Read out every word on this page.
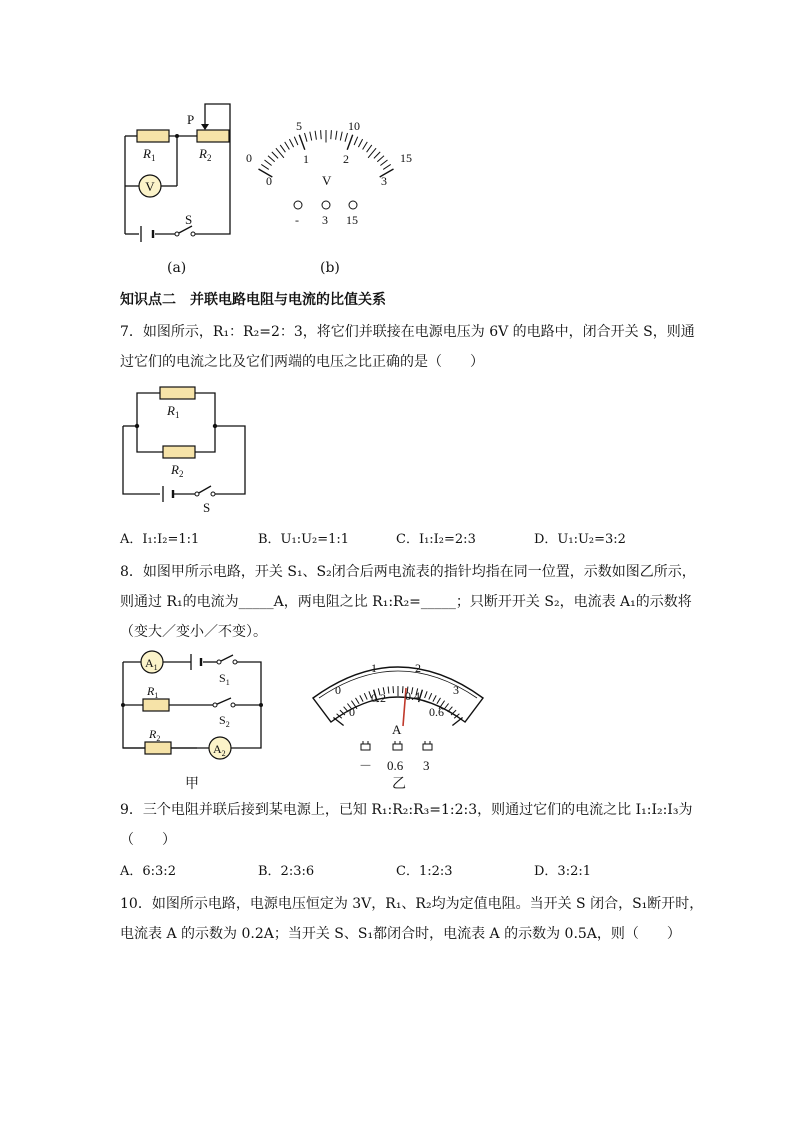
V
P
$R_1$	$R_2$
S
(a)
0
5	10
15
0
1	2
3
V
- 3 15
(b)
知识点二　并联电路电阻与电流的比值关系
7．如图所示，R₁：R₂=2：3，将它们并联接在电源电压为 6V 的电路中，闭合开关 S，则通
过它们的电流之比及它们两端的电压之比正确的是（　　）
$R_1$
$R_2$
S
A．I₁:I₂=1:1	B．U₁:U₂=1:1	C．I₁:I₂=2:3	D．U₁:U₂=3:2
8．如图甲所示电路，开关 S₁、S₂闭合后两电流表的指针均指在同一位置，示数如图乙所示，
则通过 R₁的电流为_____A，两电阻之比 R₁:R₂=_____；只断开开关 S₂，电流表 A₁的示数将
（变大／变小／不变）。
$A_1$
$S_1$
$R_1$
$S_2$
$R_2$
$A_2$
甲
0
1	2
3
0
0.2 0.4
0.6
A
－ 0.6 3
乙
9．三个电阻并联后接到某电源上，已知 R₁:R₂:R₃=1:2:3，则通过它们的电流之比 I₁:I₂:I₃为
（　　）
A．6:3:2	B．2:3:6	C．1:2:3	D．3:2:1
10．如图所示电路，电源电压恒定为 3V，R₁、R₂均为定值电阻。当开关 S 闭合，S₁断开时，
电流表 A 的示数为 0.2A；当开关 S、S₁都闭合时，电流表 A 的示数为 0.5A，则（　　）
